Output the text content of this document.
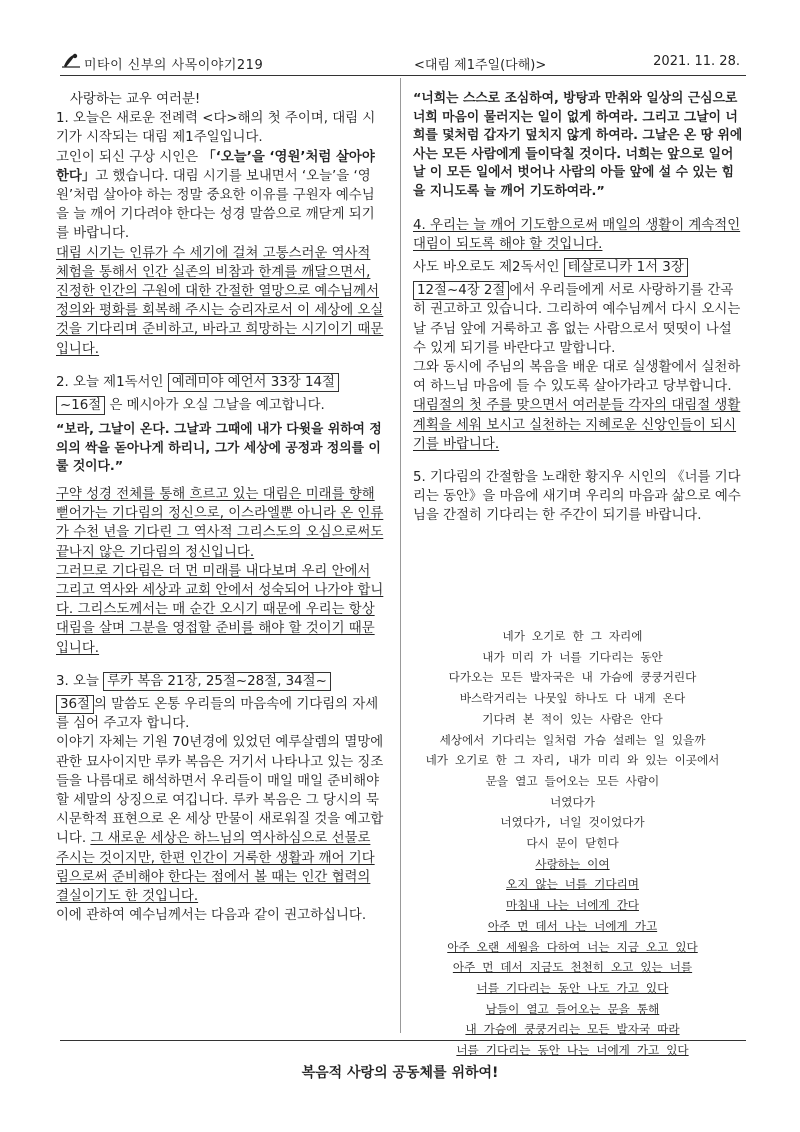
미타이 신부의 사목이야기219	<대림 제1주일(다해)>	2021. 11. 28.

사랑하는 교우 여러분!

1. 오늘은 새로운 전례력 <다>해의 첫 주이며, 대림 시기가 시작되는 대림 제1주일입니다.

고인이 되신 구상 시인은 「‘오늘’을 ‘영원’처럼 살아야 한다」고 했습니다. 대림 시기를 보내면서 ‘오늘’을 ‘영원’처럼 살아야 하는 정말 중요한 이유를 구원자 예수님을 늘 깨어 기다려야 한다는 성경 말씀으로 깨닫게 되기를 바랍니다.

대림 시기는 인류가 수 세기에 걸쳐 고통스러운 역사적 체험을 통해서 인간 실존의 비참과 한계를 깨달으면서, 진정한 인간의 구원에 대한 간절한 열망으로 예수님께서 정의와 평화를 회복해 주시는 승리자로서 이 세상에 오실 것을 기다리며 준비하고, 바라고 희망하는 시기이기 때문입니다.

2. 오늘 제1독서인 예레미야 예언서 33장 14절
~16절 은 메시아가 오실 그날을 예고합니다.

“보라, 그날이 온다. 그날과 그때에 내가 다윗을 위하여 정의의 싹을 돋아나게 하리니, 그가 세상에 공정과 정의를 이룰 것이다.”

구약 성경 전체를 통해 흐르고 있는 대림은 미래를 향해 뻗어가는 기다림의 정신으로, 이스라엘뿐 아니라 온 인류가 수천 년을 기다린 그 역사적 그리스도의 오심으로써도 끝나지 않은 기다림의 정신입니다.

그러므로 기다림은 더 먼 미래를 내다보며 우리 안에서 그리고 역사와 세상과 교회 안에서 성숙되어 나가야 합니다. 그리스도께서는 매 순간 오시기 때문에 우리는 항상 대림을 살며 그분을 영접할 준비를 해야 할 것이기 때문입니다.

3. 오늘 루카 복음 21장, 25절~28절, 34절~
36절 의 말씀도 온통 우리들의 마음속에 기다림의 자세를 심어 주고자 합니다.

이야기 자체는 기원 70년경에 있었던 예루살렘의 멸망에 관한 묘사이지만 루카 복음은 거기서 나타나고 있는 징조들을 나름대로 해석하면서 우리들이 매일 매일 준비해야 할 세말의 상징으로 여깁니다. 루카 복음은 그 당시의 묵시문학적 표현으로 온 세상 만물이 새로워질 것을 예고합니다. 그 새로운 세상은 하느님의 역사하심으로 선물로 주시는 것이지만, 한편 인간이 거룩한 생활과 깨어 기다림으로써 준비해야 한다는 점에서 볼 때는 인간 협력의 결실이기도 한 것입니다.

이에 관하여 예수님께서는 다음과 같이 권고하십니다.

“너희는 스스로 조심하여, 방탕과 만취와 일상의 근심으로 너희 마음이 물러지는 일이 없게 하여라. 그리고 그날이 너희를 덫처럼 갑자기 덮치지 않게 하여라. 그날은 온 땅 위에 사는 모든 사람에게 들이닥칠 것이다. 너희는 앞으로 일어날 이 모든 일에서 벗어나 사람의 아들 앞에 설 수 있는 힘을 지니도록 늘 깨어 기도하여라.”

4. 우리는 늘 깨어 기도함으로써 매일의 생활이 계속적인 대림이 되도록 해야 할 것입니다.

사도 바오로도 제2독서인 테살로니카 1서 3장
12절~4장 2절 에서 우리들에게 서로 사랑하기를 간곡히 권고하고 있습니다. 그리하여 예수님께서 다시 오시는 날 주님 앞에 거룩하고 흠 없는 사람으로서 떳떳이 나설 수 있게 되기를 바란다고 말합니다.

그와 동시에 주님의 복음을 배운 대로 실생활에서 실천하여 하느님 마음에 들 수 있도록 살아가라고 당부합니다. 대림절의 첫 주를 맞으면서 여러분들 각자의 대림절 생활 계획을 세워 보시고 실천하는 지혜로운 신앙인들이 되시기를 바랍니다.

5. 기다림의 간절함을 노래한 황지우 시인의 《너를 기다리는 동안》을 마음에 새기며 우리의 마음과 삶으로 예수님을 간절히 기다리는 한 주간이 되기를 바랍니다.

네가 오기로 한 그 자리에
내가 미리 가 너를 기다리는 동안
다가오는 모든 발자국은 내 가슴에 쿵쿵거린다
바스락거리는 나뭇잎 하나도 다 내게 온다
기다려 본 적이 있는 사람은 안다
세상에서 기다리는 일처럼 가슴 설레는 일 있을까
네가 오기로 한 그 자리, 내가 미리 와 있는 이곳에서
문을 열고 들어오는 모든 사람이
너였다가
너였다가, 너일 것이었다가
다시 문이 닫힌다
사랑하는 이여
오지 않는 너를 기다리며
마침내 나는 너에게 간다
아주 먼 데서 나는 너에게 가고
아주 오랜 세월을 다하여 너는 지금 오고 있다
아주 먼 데서 지금도 천천히 오고 있는 너를
너를 기다리는 동안 나도 가고 있다
남들이 열고 들어오는 문을 통해
내 가슴에 쿵쿵거리는 모든 발자국 따라
너를 기다리는 동안 나는 너에게 가고 있다
복음적 사랑의 공동체를 위하여!
